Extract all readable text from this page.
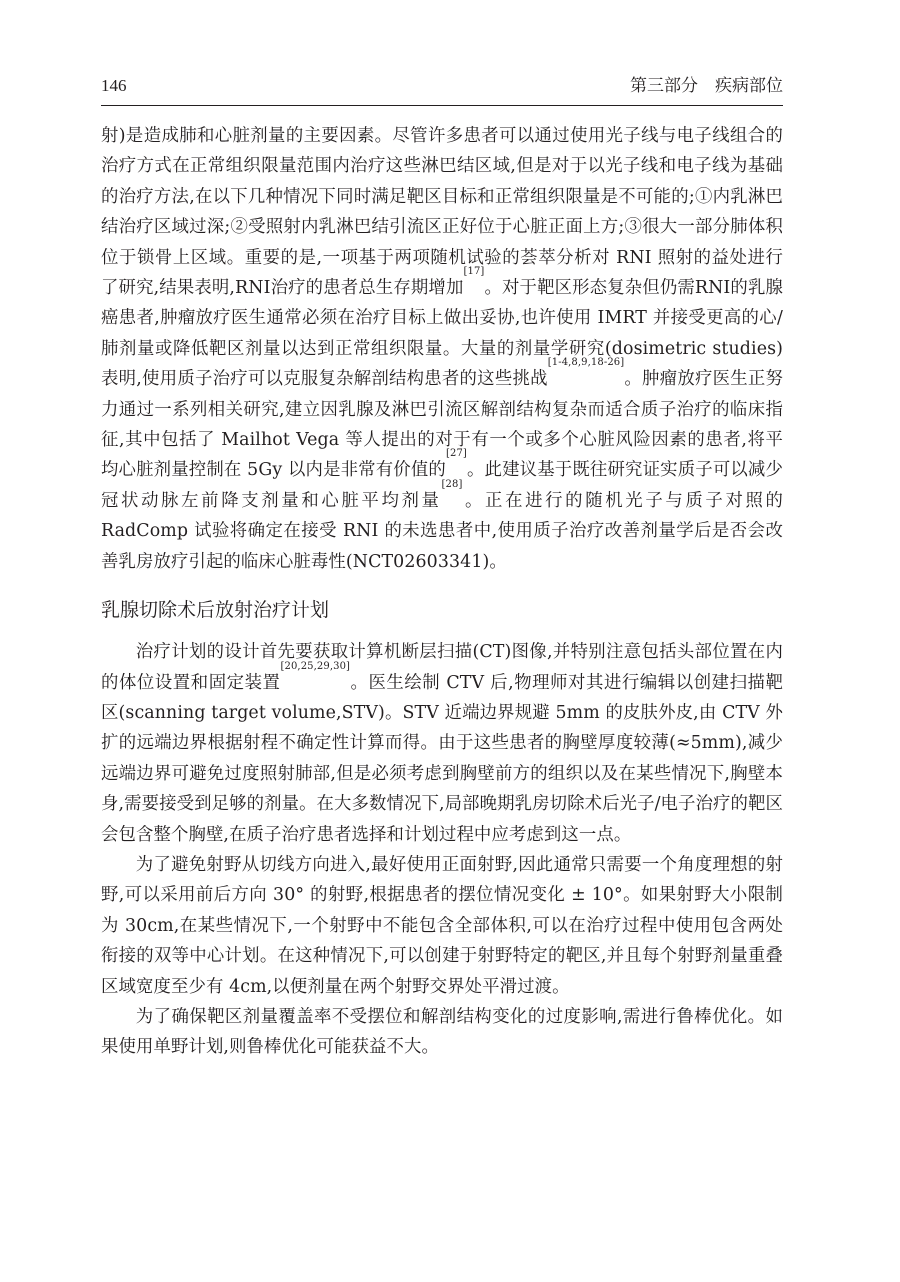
146	第三部分　疾病部位

射)是造成肺和心脏剂量的主要因素。尽管许多患者可以通过使用光子线与电子线组合的治疗方式在正常组织限量范围内治疗这些淋巴结区域,但是对于以光子线和电子线为基础的治疗方法,在以下几种情况下同时满足靶区目标和正常组织限量是不可能的;①内乳淋巴结治疗区域过深;②受照射内乳淋巴结引流区正好位于心脏正面上方;③很大一部分肺体积位于锁骨上区域。重要的是,一项基于两项随机试验的荟萃分析对 RNI 照射的益处进行了研究,结果表明,RNI治疗的患者总生存期增加[17]。对于靶区形态复杂但仍需RNI的乳腺癌患者,肿瘤放疗医生通常必须在治疗目标上做出妥协,也许使用 IMRT 并接受更高的心/肺剂量或降低靶区剂量以达到正常组织限量。大量的剂量学研究(dosimetric studies)表明,使用质子治疗可以克服复杂解剖结构患者的这些挑战[1-4,8,9,18-26]。肿瘤放疗医生正努力通过一系列相关研究,建立因乳腺及淋巴引流区解剖结构复杂而适合质子治疗的临床指征,其中包括了 Mailhot Vega 等人提出的对于有一个或多个心脏风险因素的患者,将平均心脏剂量控制在 5Gy 以内是非常有价值的[27]。此建议基于既往研究证实质子可以减少冠状动脉左前降支剂量和心脏平均剂量[28]。正在进行的随机光子与质子对照的 RadComp 试验将确定在接受 RNI 的未选患者中,使用质子治疗改善剂量学后是否会改善乳房放疗引起的临床心脏毒性(NCT02603341)。

乳腺切除术后放射治疗计划

治疗计划的设计首先要获取计算机断层扫描(CT)图像,并特别注意包括头部位置在内的体位设置和固定装置[20,25,29,30]。医生绘制 CTV 后,物理师对其进行编辑以创建扫描靶区(scanning target volume,STV)。STV 近端边界规避 5mm 的皮肤外皮,由 CTV 外扩的远端边界根据射程不确定性计算而得。由于这些患者的胸壁厚度较薄(≈5mm),减少远端边界可避免过度照射肺部,但是必须考虑到胸壁前方的组织以及在某些情况下,胸壁本身,需要接受到足够的剂量。在大多数情况下,局部晚期乳房切除术后光子/电子治疗的靶区会包含整个胸壁,在质子治疗患者选择和计划过程中应考虑到这一点。

为了避免射野从切线方向进入,最好使用正面射野,因此通常只需要一个角度理想的射野,可以采用前后方向 30° 的射野,根据患者的摆位情况变化 ± 10°。如果射野大小限制为 30cm,在某些情况下,一个射野中不能包含全部体积,可以在治疗过程中使用包含两处衔接的双等中心计划。在这种情况下,可以创建于射野特定的靶区,并且每个射野剂量重叠区域宽度至少有 4cm,以便剂量在两个射野交界处平滑过渡。

为了确保靶区剂量覆盖率不受摆位和解剖结构变化的过度影响,需进行鲁棒优化。如果使用单野计划,则鲁棒优化可能获益不大。
